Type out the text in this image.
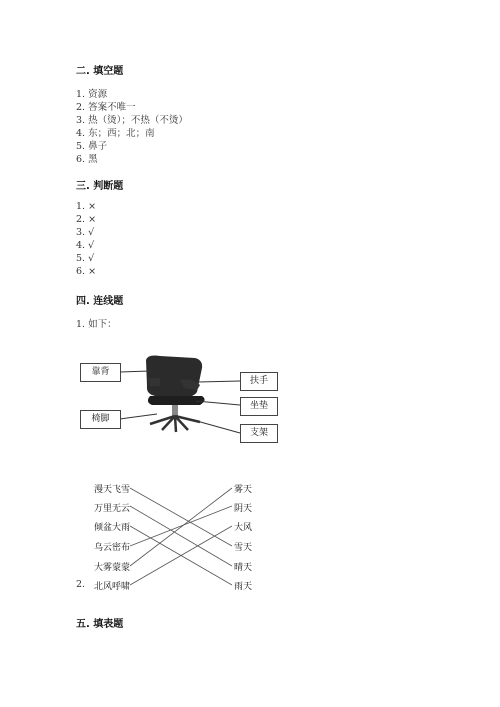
二. 填空题
1. 资源
2. 答案不唯一
3. 热（烫）；不热（不烫）
4. 东；西；北；南
5. 鼻子
6. 黑
三. 判断题
1. ×
2. ×
3. √
4. √
5. √
6. ×
四. 连线题
1. 如下：
靠背
椅脚
扶手
坐垫
支架
2.
漫天飞雪
万里无云
倾盆大雨
乌云密布
大雾蒙蒙
北风呼啸
雾天
阴天
大风
雪天
晴天
雨天
五. 填表题
